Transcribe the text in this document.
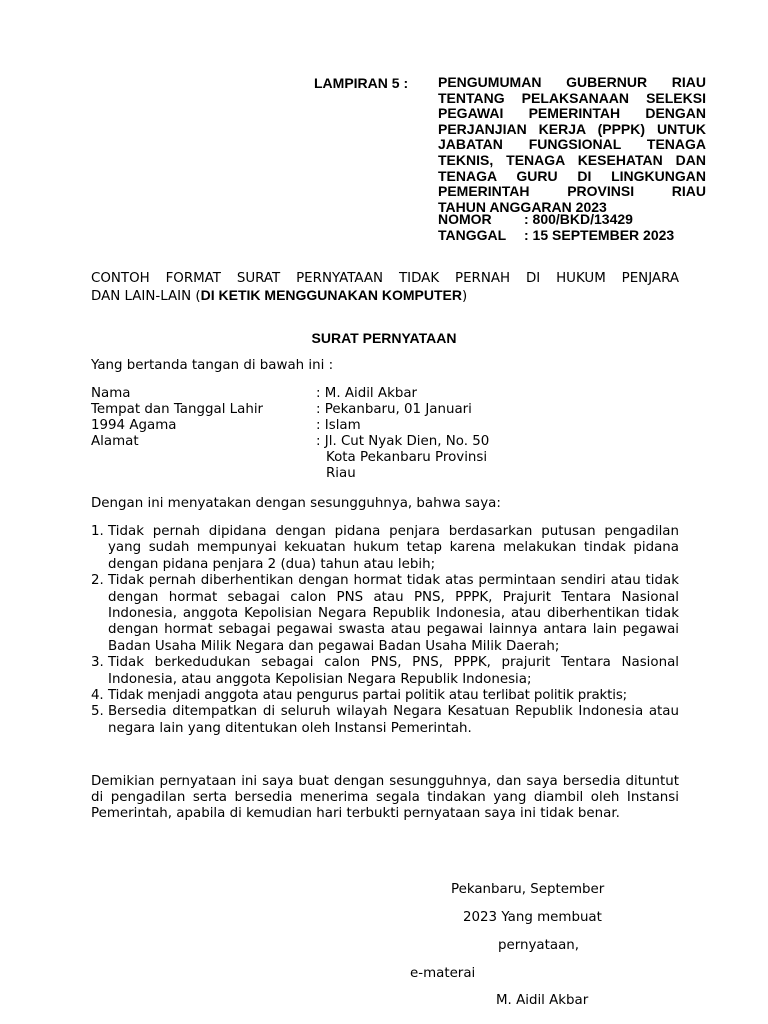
LAMPIRAN 5 : PENGUMUMAN GUBERNUR RIAU
TENTANG PELAKSANAAN SELEKSI
PEGAWAI PEMERINTAH DENGAN
PERJANJIAN KERJA (PPPK) UNTUK
JABATAN FUNGSIONAL TENAGA
TEKNIS, TENAGA KESEHATAN DAN
TENAGA GURU DI LINGKUNGAN
PEMERINTAH PROVINSI RIAU
TAHUN ANGGARAN 2023
NOMOR : 800/BKD/13429
TANGGAL : 15 SEPTEMBER 2023
CONTOH FORMAT SURAT PERNYATAAN TIDAK PERNAH DI HUKUM PENJARA
DAN LAIN-LAIN (DI KETIK MENGGUNAKAN KOMPUTER)
SURAT PERNYATAAN
Yang bertanda tangan di bawah ini :
Nama
Tempat dan Tanggal Lahir
1994 Agama
Alamat
: M. Aidil Akbar
: Pekanbaru, 01 Januari
: Islam
: Jl. Cut Nyak Dien, No. 50
Kota Pekanbaru Provinsi
Riau
Dengan ini menyatakan dengan sesungguhnya, bahwa saya:
1. Tidak pernah dipidana dengan pidana penjara berdasarkan putusan pengadilan yang sudah mempunyai kekuatan hukum tetap karena melakukan tindak pidana dengan pidana penjara 2 (dua) tahun atau lebih;
2. Tidak pernah diberhentikan dengan hormat tidak atas permintaan sendiri atau tidak dengan hormat sebagai calon PNS atau PNS, PPPK, Prajurit Tentara Nasional Indonesia, anggota Kepolisian Negara Republik Indonesia, atau diberhentikan tidak dengan hormat sebagai pegawai swasta atau pegawai lainnya antara lain pegawai Badan Usaha Milik Negara dan pegawai Badan Usaha Milik Daerah;
3. Tidak berkedudukan sebagai calon PNS, PNS, PPPK, prajurit Tentara Nasional Indonesia, atau anggota Kepolisian Negara Republik Indonesia;
4. Tidak menjadi anggota atau pengurus partai politik atau terlibat politik praktis;
5. Bersedia ditempatkan di seluruh wilayah Negara Kesatuan Republik Indonesia atau negara lain yang ditentukan oleh Instansi Pemerintah.
Demikian pernyataan ini saya buat dengan sesungguhnya, dan saya bersedia dituntut di pengadilan serta bersedia menerima segala tindakan yang diambil oleh Instansi Pemerintah, apabila di kemudian hari terbukti pernyataan saya ini tidak benar.
Pekanbaru, September
2023 Yang membuat
pernyataan,
e-materai
M. Aidil Akbar
